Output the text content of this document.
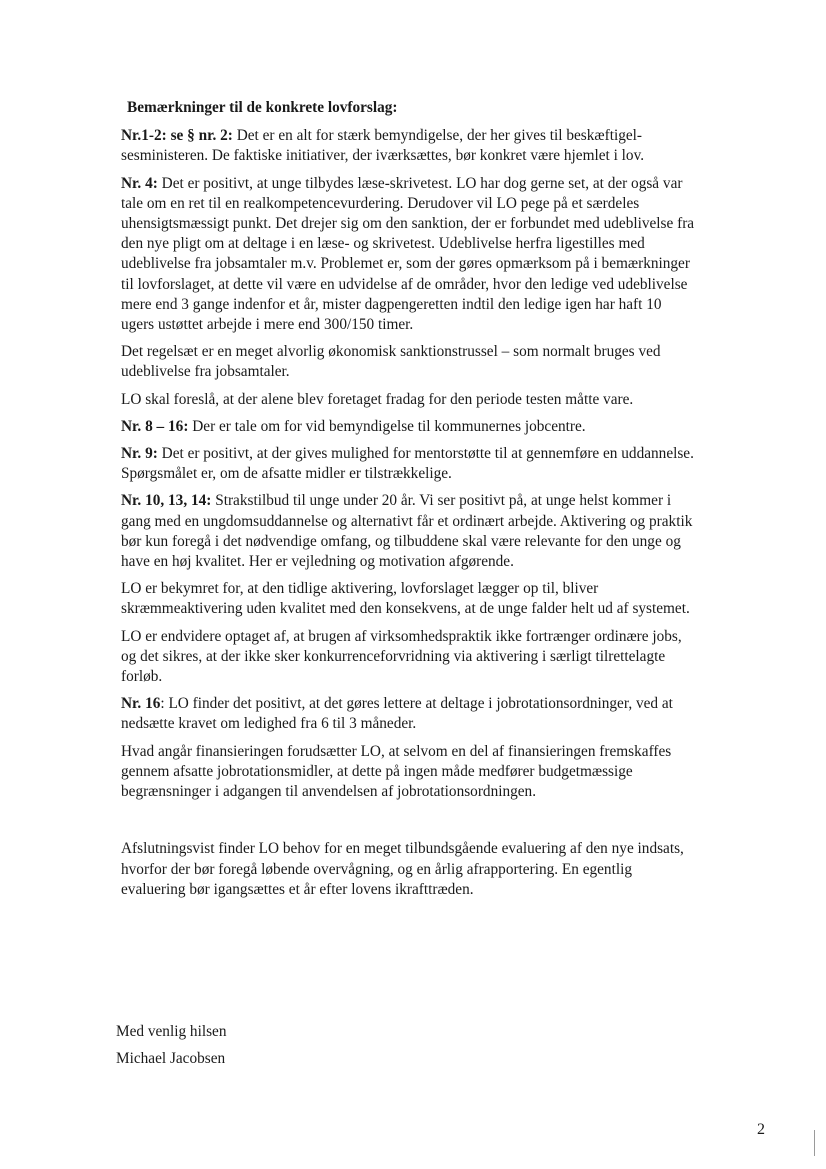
Bemærkninger til de konkrete lovforslag:

Nr.1-2: se § nr. 2: Det er en alt for stærk bemyndigelse, der her gives til beskæftigelsesministeren. De faktiske initiativer, der iværksættes, bør konkret være hjemlet i lov.

Nr. 4: Det er positivt, at unge tilbydes læse-skrivetest. LO har dog gerne set, at der også var tale om en ret til en realkompetencevurdering. Derudover vil LO pege på et særdeles uhensigtsmæssigt punkt. Det drejer sig om den sanktion, der er forbundet med udeblivelse fra den nye pligt om at deltage i en læse- og skrivetest. Udeblivelse herfra ligestilles med udeblivelse fra jobsamtaler m.v. Problemet er, som der gøres opmærksom på i bemærkninger til lovforslaget, at dette vil være en udvidelse af de områder, hvor den ledige ved udeblivelse mere end 3 gange indenfor et år, mister dagpengeretten indtil den ledige igen har haft 10 ugers ustøttet arbejde i mere end 300/150 timer.

Det regelsæt er en meget alvorlig økonomisk sanktionstrussel – som normalt bruges ved udeblivelse fra jobsamtaler.

LO skal foreslå, at der alene blev foretaget fradag for den periode testen måtte vare.

Nr. 8 – 16: Der er tale om for vid bemyndigelse til kommunernes jobcentre.

Nr. 9: Det er positivt, at der gives mulighed for mentorstøtte til at gennemføre en uddannelse. Spørgsmålet er, om de afsatte midler er tilstrækkelige.

Nr. 10, 13, 14: Strakstilbud til unge under 20 år. Vi ser positivt på, at unge helst kommer i gang med en ungdomsuddannelse og alternativt får et ordinært arbejde. Aktivering og praktik bør kun foregå i det nødvendige omfang, og tilbuddene skal være relevante for den unge og have en høj kvalitet. Her er vejledning og motivation afgørende.

LO er bekymret for, at den tidlige aktivering, lovforslaget lægger op til, bliver skræmmeaktivering uden kvalitet med den konsekvens, at de unge falder helt ud af systemet.

LO er endvidere optaget af, at brugen af virksomhedspraktik ikke fortrænger ordinære jobs, og det sikres, at der ikke sker konkurrenceforvridning via aktivering i særligt tilrettelagte forløb.

Nr. 16: LO finder det positivt, at det gøres lettere at deltage i jobrotationsordninger, ved at nedsætte kravet om ledighed fra 6 til 3 måneder.

Hvad angår finansieringen forudsætter LO, at selvom en del af finansieringen fremskaffes gennem afsatte jobrotationsmidler, at dette på ingen måde medfører budgetmæssige begrænsninger i adgangen til anvendelsen af jobrotationsordningen.

Afslutningsvist finder LO behov for en meget tilbundsgående evaluering af den nye indsats, hvorfor der bør foregå løbende overvågning, og en årlig afrapportering. En egentlig evaluering bør igangsættes et år efter lovens ikrafttræden.

Med venlig hilsen
Michael Jacobsen
2
